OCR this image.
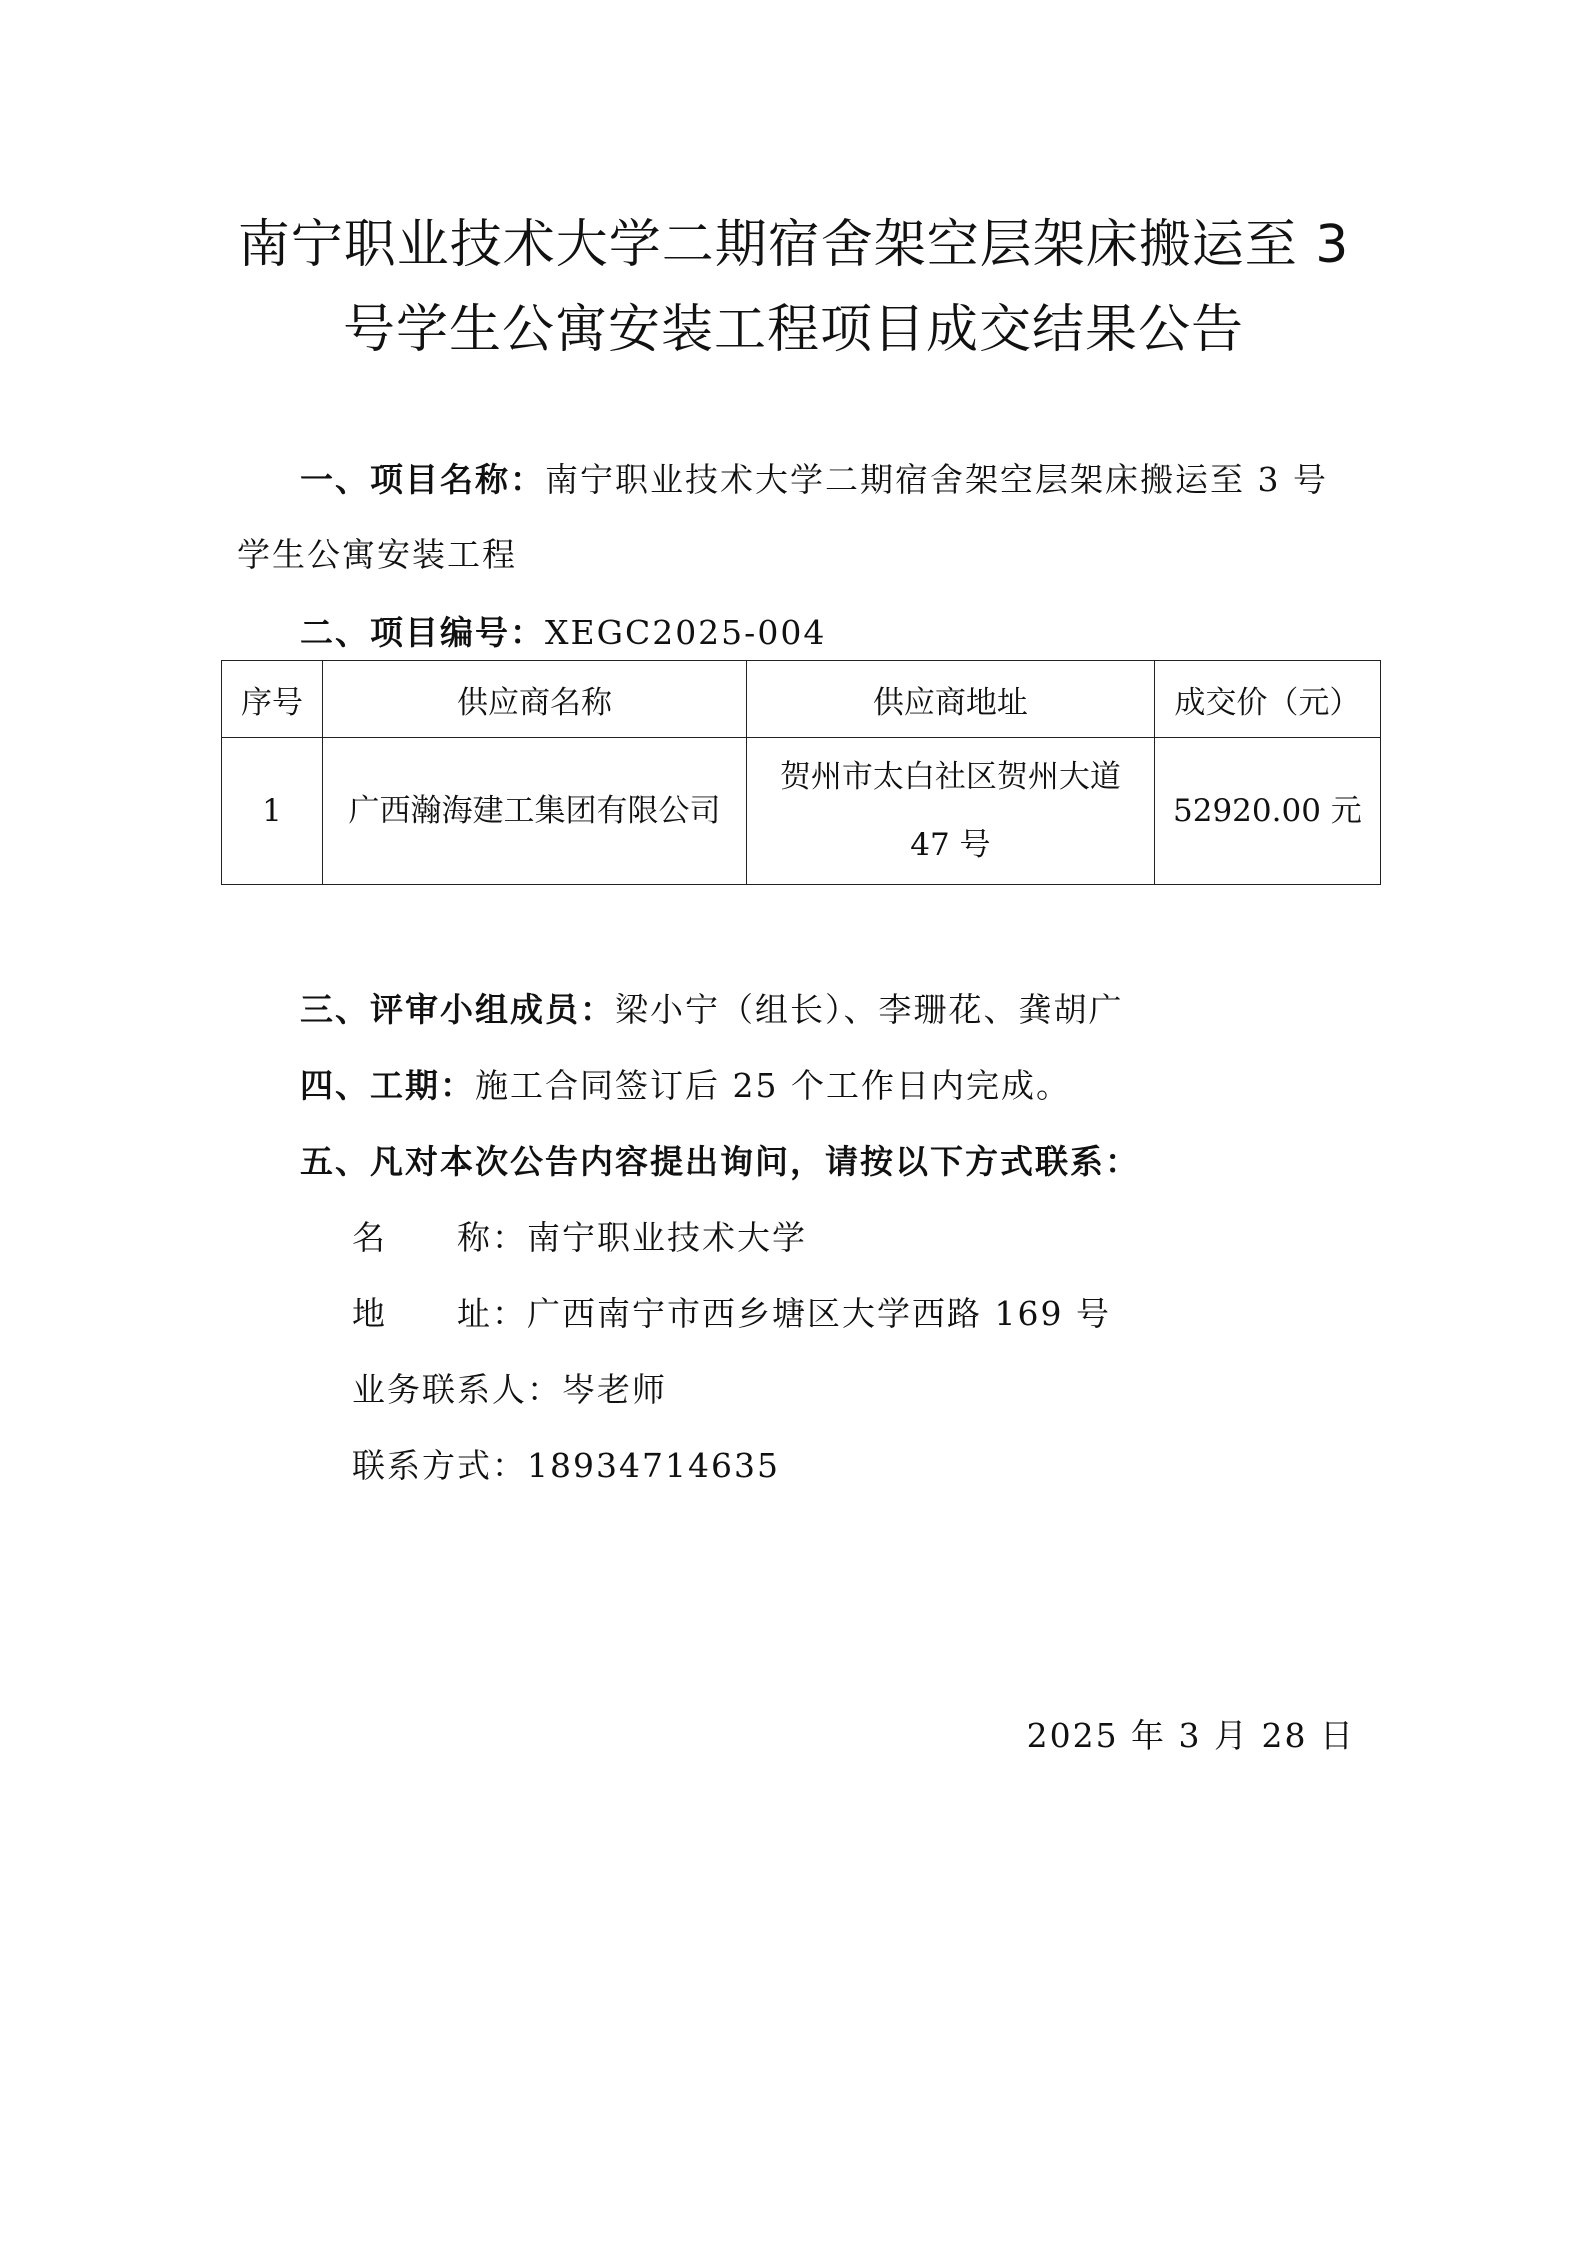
南宁职业技术大学二期宿舍架空层架床搬运至 3
号学生公寓安装工程项目成交结果公告
一、项目名称：南宁职业技术大学二期宿舍架空层架床搬运至 3 号
学生公寓安装工程
二、项目编号：XEGC2025-004
序号	供应商名称	供应商地址	成交价（元）
1	广西瀚海建工集团有限公司	贺州市太白社区贺州大道
47 号	52920.00 元
三、评审小组成员：梁小宁（组长）、李珊花、龚胡广
四、工期：施工合同签订后 25 个工作日内完成。
五、凡对本次公告内容提出询问，请按以下方式联系：
名　　称：南宁职业技术大学
地　　址：广西南宁市西乡塘区大学西路 169 号
业务联系人：岑老师
联系方式：18934714635
2025 年 3 月 28 日
